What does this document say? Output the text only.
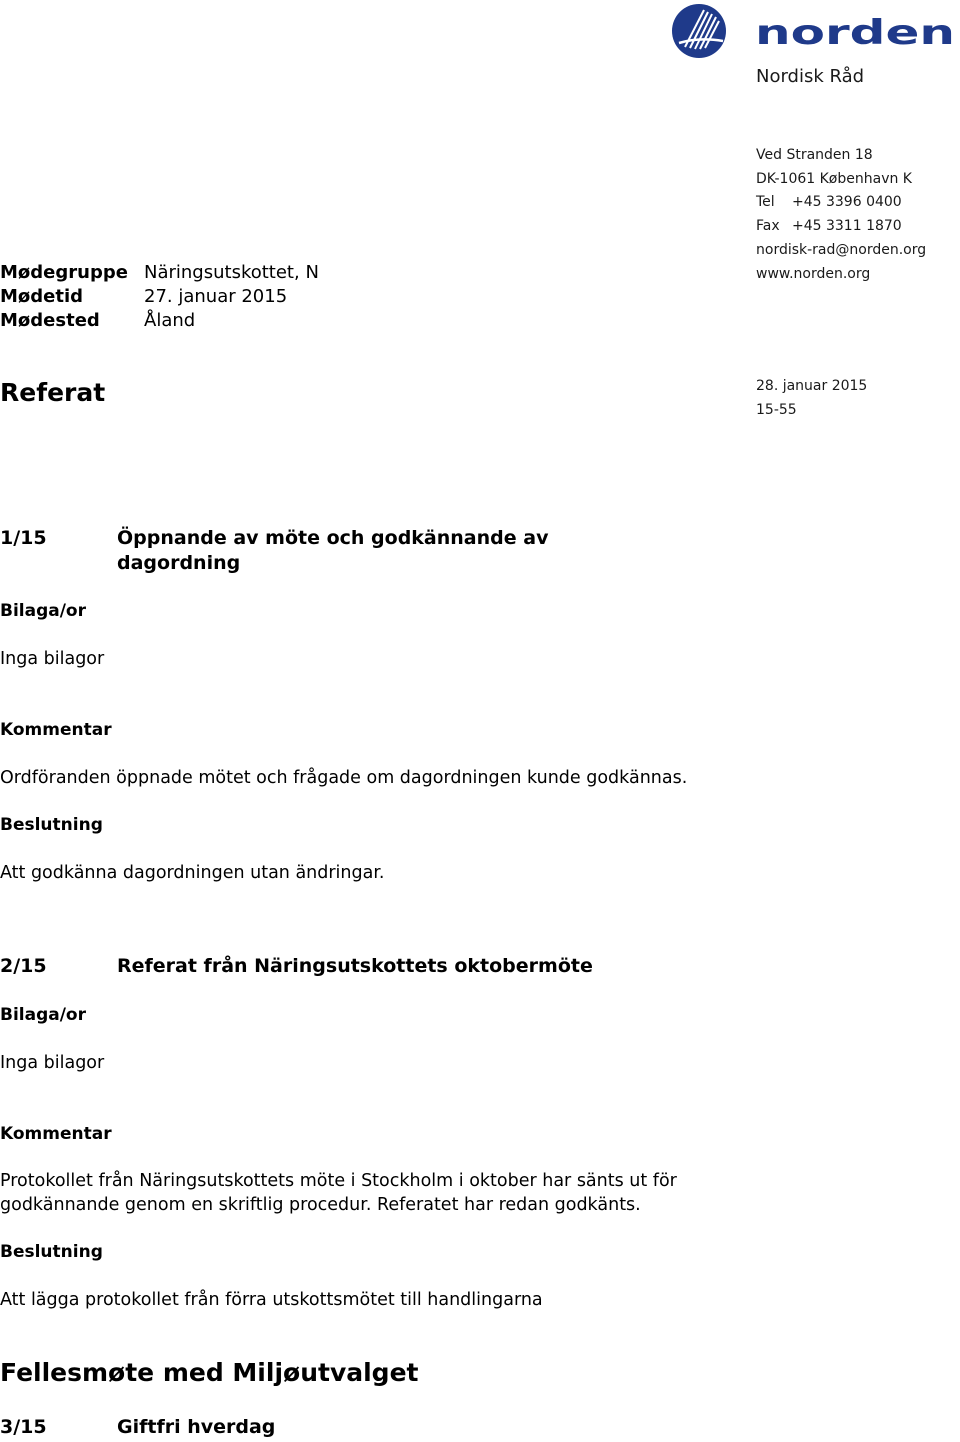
norden
Nordisk Råd
Ved Stranden 18
DK-1061 København K
Tel +45 3396 0400
Fax +45 3311 1870
nordisk-rad@norden.org
www.norden.org
Mødegruppe Näringsutskottet, N
Mødetid	27. januar 2015
Mødested Åland
Referat	28. januar 2015
15-55
1/15	Öppnande av möte och godkännande av dagordning
Bilaga/or
Inga bilagor
Kommentar
Ordföranden öppnade mötet och frågade om dagordningen kunde godkännas.
Beslutning
Att godkänna dagordningen utan ändringar.
2/15	Referat från Näringsutskottets oktobermöte
Bilaga/or
Inga bilagor
Kommentar
Protokollet från Näringsutskottets möte i Stockholm i oktober har sänts ut för godkännande genom en skriftlig procedur. Referatet har redan godkänts.
Beslutning
Att lägga protokollet från förra utskottsmötet till handlingarna
Fellesmøte med Miljøutvalget
3/15	Giftfri hverdag
